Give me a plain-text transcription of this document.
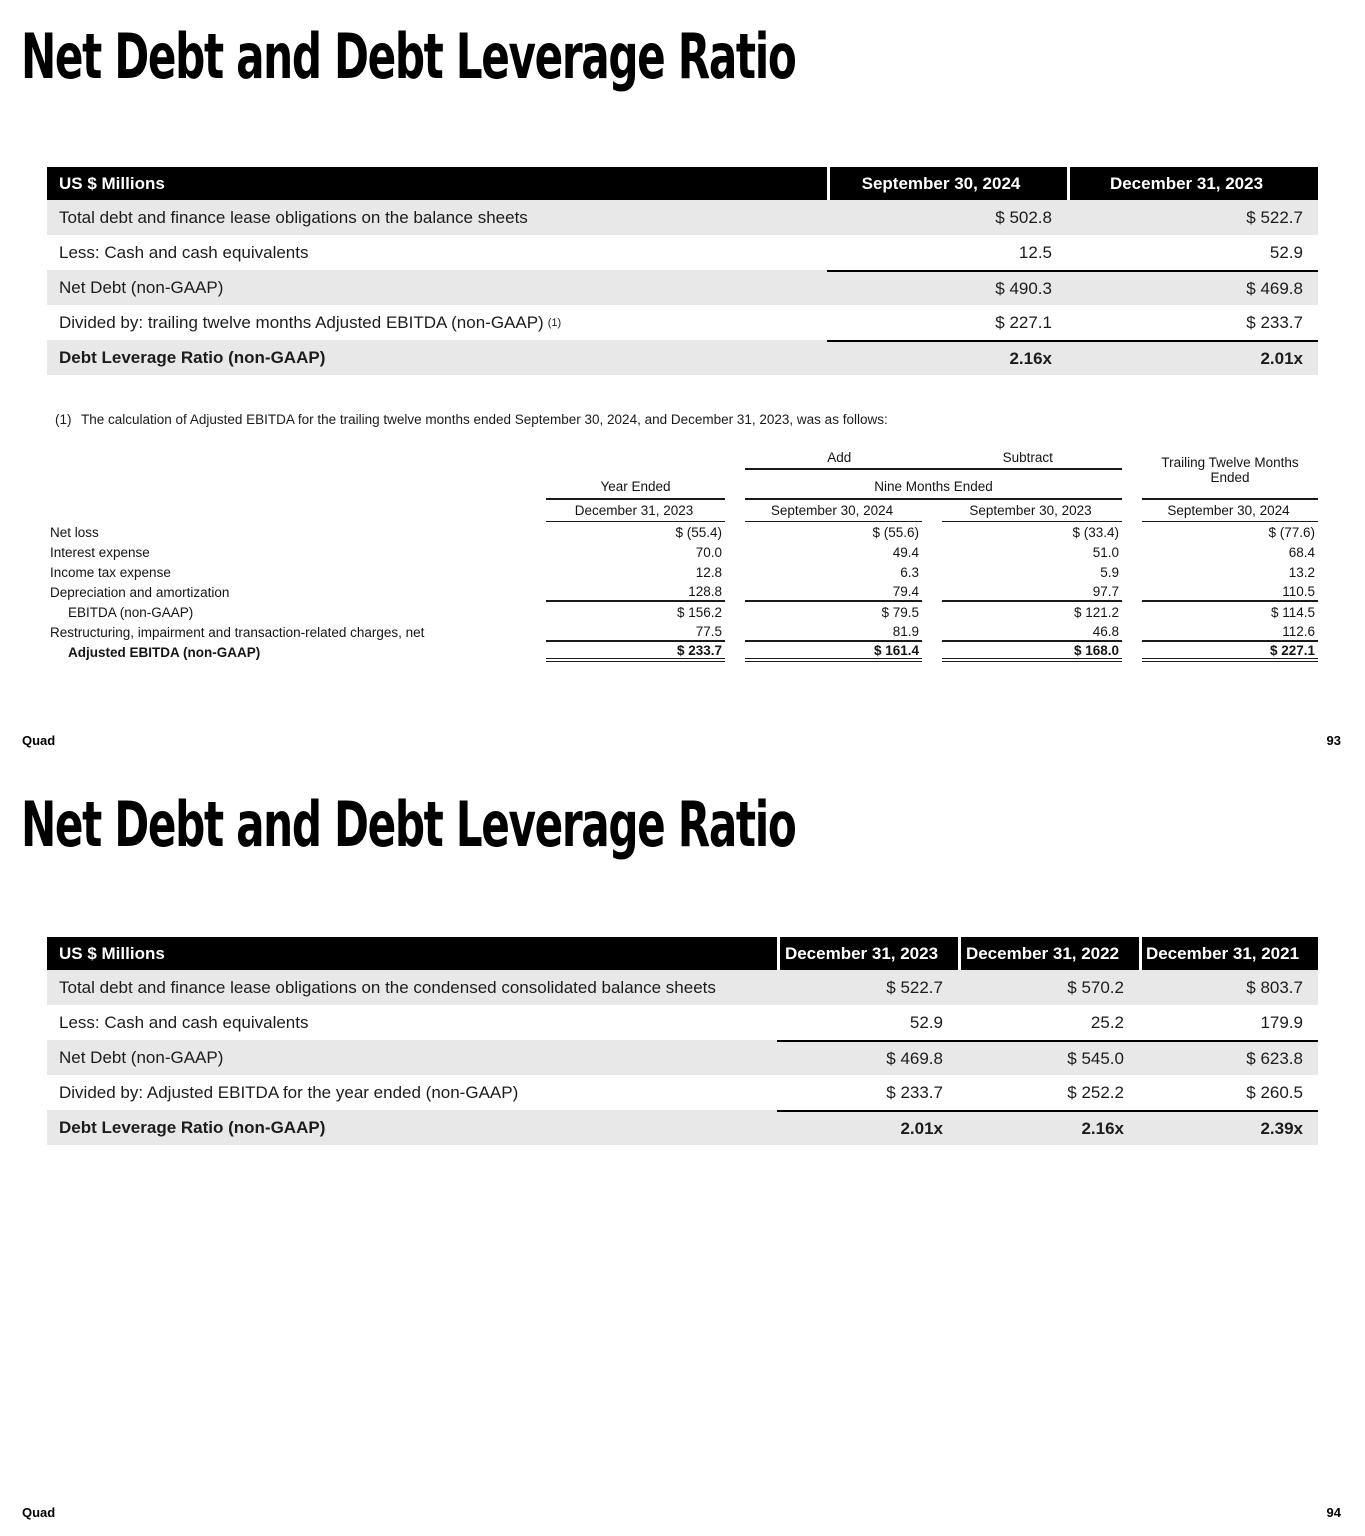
Net Debt and Debt Leverage Ratio
US $ Millions	September 30, 2024	December 31, 2023
Total debt and finance lease obligations on the balance sheets	$ 502.8	$ 522.7
Less: Cash and cash equivalents	12.5	52.9
Net Debt (non-GAAP)	$ 490.3	$ 469.8
Divided by: trailing twelve months Adjusted EBITDA (non-GAAP) (1)	$ 227.1	$ 233.7
Debt Leverage Ratio (non-GAAP)	2.16x	2.01x
(1) The calculation of Adjusted EBITDA for the trailing twelve months ended September 30, 2024, and December 31, 2023, was as follows:
Add	Subtract
Year Ended	Nine Months Ended
Trailing Twelve Months Ended
December 31, 2023	September 30, 2024	September 30, 2023	September 30, 2024
Net loss	$ (55.4)	$ (55.6)	$ (33.4)	$ (77.6)
Interest expense	70.0	49.4	51.0	68.4
Income tax expense	12.8	6.3	5.9	13.2
Depreciation and amortization	128.8	79.4	97.7	110.5
EBITDA (non-GAAP)	$ 156.2	$ 79.5	$ 121.2	$ 114.5
Restructuring, impairment and transaction-related charges, net	77.5	81.9	46.8	112.6
Adjusted EBITDA (non-GAAP)	$ 233.7	$ 161.4	$ 168.0	$ 227.1
Quad	93
Net Debt and Debt Leverage Ratio
US $ Millions	December 31, 2023	December 31, 2022	December 31, 2021
Total debt and finance lease obligations on the condensed consolidated balance sheets	$ 522.7	$ 570.2	$ 803.7
Less: Cash and cash equivalents	52.9	25.2	179.9
Net Debt (non-GAAP)	$ 469.8	$ 545.0	$ 623.8
Divided by: Adjusted EBITDA for the year ended (non-GAAP)	$ 233.7	$ 252.2	$ 260.5
Debt Leverage Ratio (non-GAAP)	2.01x	2.16x	2.39x
Quad	94
